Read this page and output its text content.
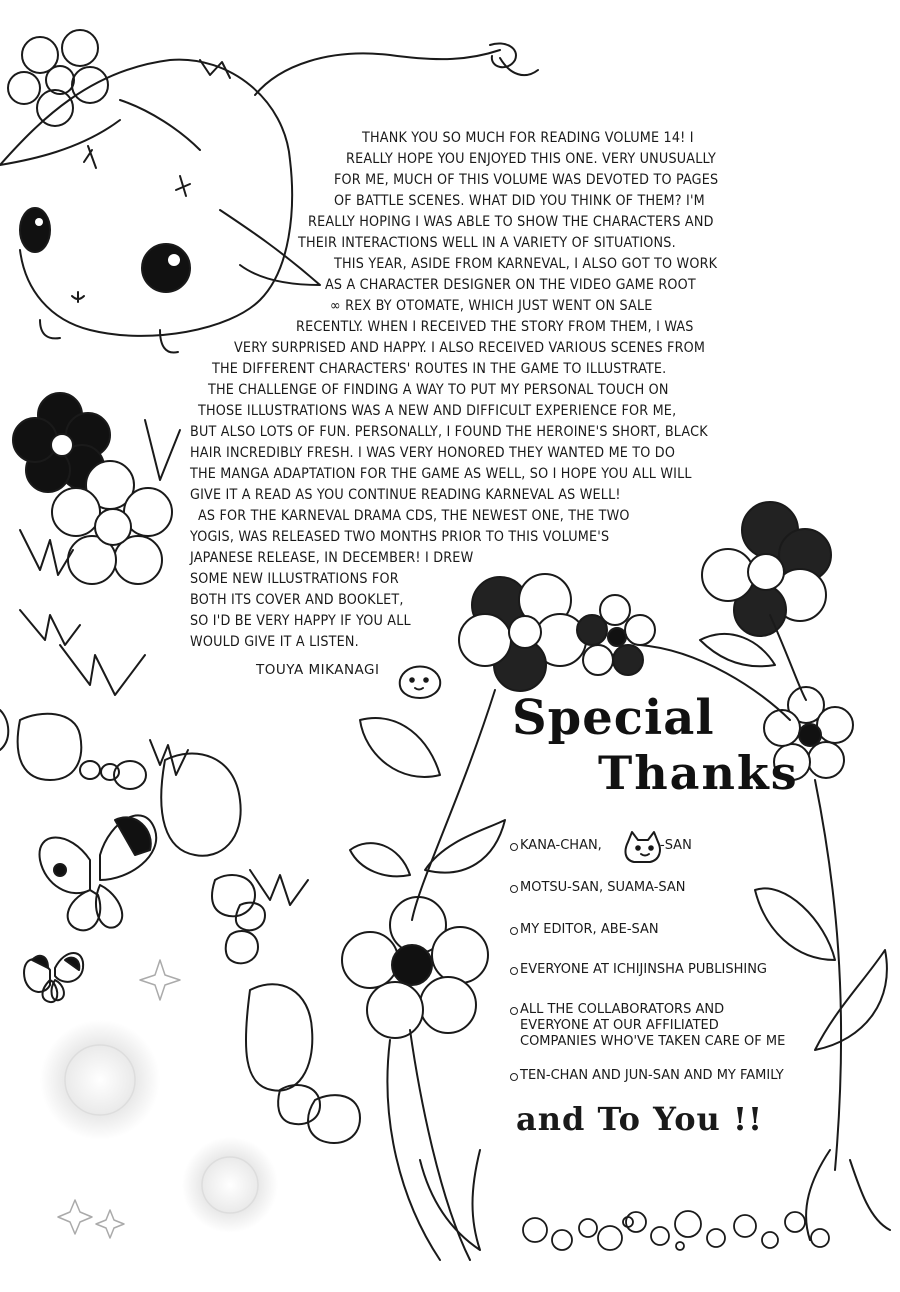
THANK YOU SO MUCH FOR READING VOLUME 14! I
REALLY HOPE YOU ENJOYED THIS ONE. VERY UNUSUALLY
FOR ME, MUCH OF THIS VOLUME WAS DEVOTED TO PAGES
OF BATTLE SCENES. WHAT DID YOU THINK OF THEM? I'M
REALLY HOPING I WAS ABLE TO SHOW THE CHARACTERS AND
THEIR INTERACTIONS WELL IN A VARIETY OF SITUATIONS.
THIS YEAR, ASIDE FROM KARNEVAL, I ALSO GOT TO WORK
AS A CHARACTER DESIGNER ON THE VIDEO GAME ROOT
∞ REX BY OTOMATE, WHICH JUST WENT ON SALE
RECENTLY. WHEN I RECEIVED THE STORY FROM THEM, I WAS
VERY SURPRISED AND HAPPY. I ALSO RECEIVED VARIOUS SCENES FROM
THE DIFFERENT CHARACTERS' ROUTES IN THE GAME TO ILLUSTRATE.
THE CHALLENGE OF FINDING A WAY TO PUT MY PERSONAL TOUCH ON
THOSE ILLUSTRATIONS WAS A NEW AND DIFFICULT EXPERIENCE FOR ME,
BUT ALSO LOTS OF FUN. PERSONALLY, I FOUND THE HEROINE'S SHORT, BLACK
HAIR INCREDIBLY FRESH. I WAS VERY HONORED THEY WANTED ME TO DO
THE MANGA ADAPTATION FOR THE GAME AS WELL, SO I HOPE YOU ALL WILL
GIVE IT A READ AS YOU CONTINUE READING KARNEVAL AS WELL!
AS FOR THE KARNEVAL DRAMA CDS, THE NEWEST ONE, THE TWO
YOGIS, WAS RELEASED TWO MONTHS PRIOR TO THIS VOLUME'S
JAPANESE RELEASE, IN DECEMBER! I DREW
SOME NEW ILLUSTRATIONS FOR
BOTH ITS COVER AND BOOKLET,
SO I'D BE VERY HAPPY IF YOU ALL
WOULD GIVE IT A LISTEN.
TOUYA MIKANAGI
Special
Thanks
KANA-CHAN,	-SAN
MOTSU-SAN, SUAMA-SAN
MY EDITOR, ABE-SAN
EVERYONE AT ICHIJINSHA PUBLISHING
ALL THE COLLABORATORS AND
EVERYONE AT OUR AFFILIATED
COMPANIES WHO'VE TAKEN CARE OF ME
TEN-CHAN AND JUN-SAN AND MY FAMILY
and To You !!
